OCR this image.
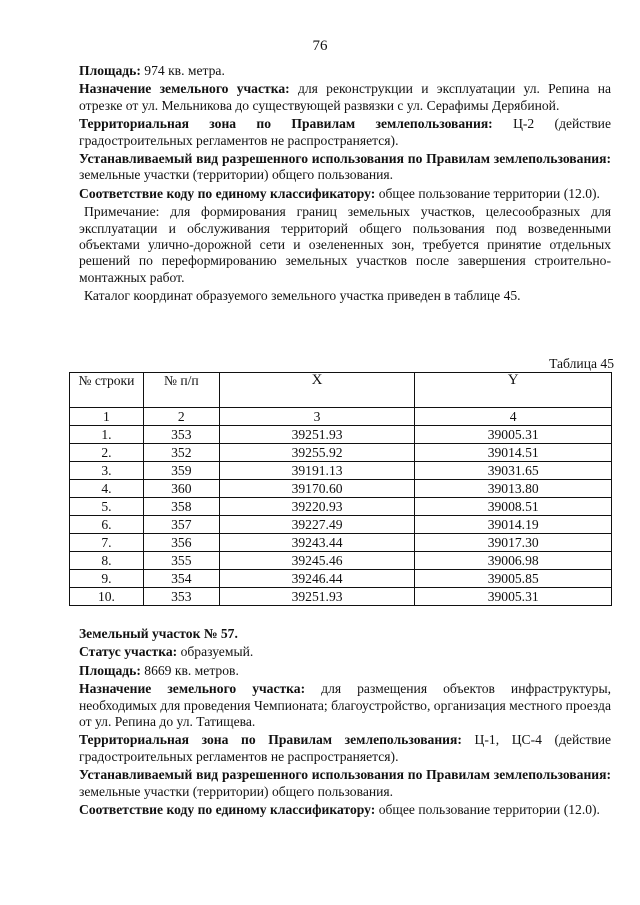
76

Площадь: 974 кв. метра.

Назначение земельного участка: для реконструкции и эксплуатации ул. Репина на отрезке от ул. Мельникова до существующей развязки с ул. Серафимы Дерябиной.

Территориальная зона по Правилам землепользования: Ц-2 (действие градостроительных регламентов не распространяется).

Устанавливаемый вид разрешенного использования по Правилам землепользования: земельные участки (территории) общего пользования.

Соответствие коду по единому классификатору: общее пользование территории (12.0).

Примечание: для формирования границ земельных участков, целесообразных для эксплуатации и обслуживания территорий общего пользования под возведенными объектами улично-дорожной сети и озелененных зон, требуется принятие отдельных решений по переформированию земельных участков после завершения строительно-монтажных работ.

Каталог координат образуемого земельного участка приведен в таблице 45.

Таблица 45
№ строки	№ п/п	X	Y
1	2	3	4
1.	353	39251.93	39005.31
2.	352	39255.92	39014.51
3.	359	39191.13	39031.65
4.	360	39170.60	39013.80
5.	358	39220.93	39008.51
6.	357	39227.49	39014.19
7.	356	39243.44	39017.30
8.	355	39245.46	39006.98
9.	354	39246.44	39005.85
10.	353	39251.93	39005.31

Земельный участок № 57.

Статус участка: образуемый.

Площадь: 8669 кв. метров.

Назначение земельного участка: для размещения объектов инфраструктуры, необходимых для проведения Чемпионата; благоустройство, организация местного проезда от ул. Репина до ул. Татищева.

Территориальная зона по Правилам землепользования: Ц-1, ЦС-4 (действие градостроительных регламентов не распространяется).

Устанавливаемый вид разрешенного использования по Правилам землепользования: земельные участки (территории) общего пользования.

Соответствие коду по единому классификатору: общее пользование территории (12.0).
